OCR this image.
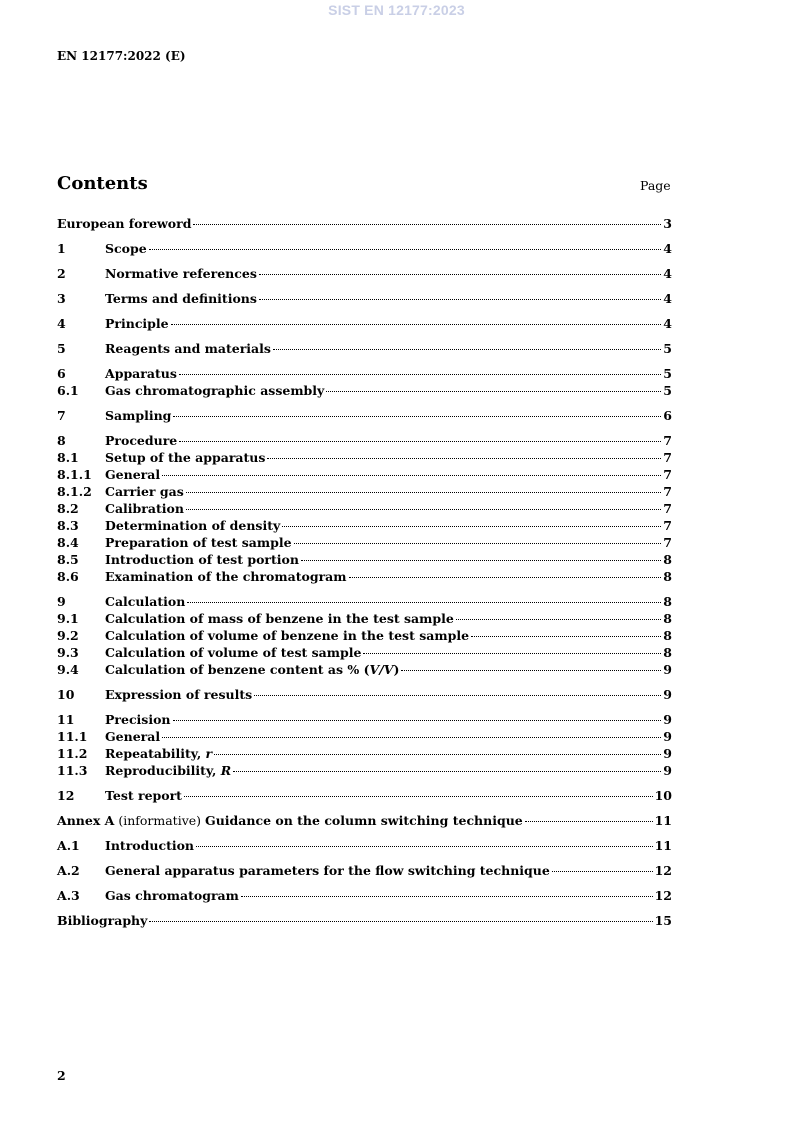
SIST EN 12177:2023
EN 12177:2022 (E)
Contents	Page
European foreword	3
1	Scope	4
2	Normative references	4
3	Terms and definitions	4
4	Principle	4
5	Reagents and materials	5
6	Apparatus	5
6.1	Gas chromatographic assembly	5
7	Sampling	6
8	Procedure	7
8.1	Setup of the apparatus	7
8.1.1	General	7
8.1.2	Carrier gas	7
8.2	Calibration	7
8.3	Determination of density	7
8.4	Preparation of test sample	7
8.5	Introduction of test portion	8
8.6	Examination of the chromatogram	8
9	Calculation	8
9.1	Calculation of mass of benzene in the test sample	8
9.2	Calculation of volume of benzene in the test sample	8
9.3	Calculation of volume of test sample	8
9.4	Calculation of benzene content as % (V/V)	9
10	Expression of results	9
11	Precision	9
11.1	General	9
11.2	Repeatability, r	9
11.3	Reproducibility, R	9
12	Test report	10
Annex A (informative) Guidance on the column switching technique	11
A.1	Introduction	11
A.2	General apparatus parameters for the flow switching technique	12
A.3	Gas chromatogram	12
Bibliography	15
2
